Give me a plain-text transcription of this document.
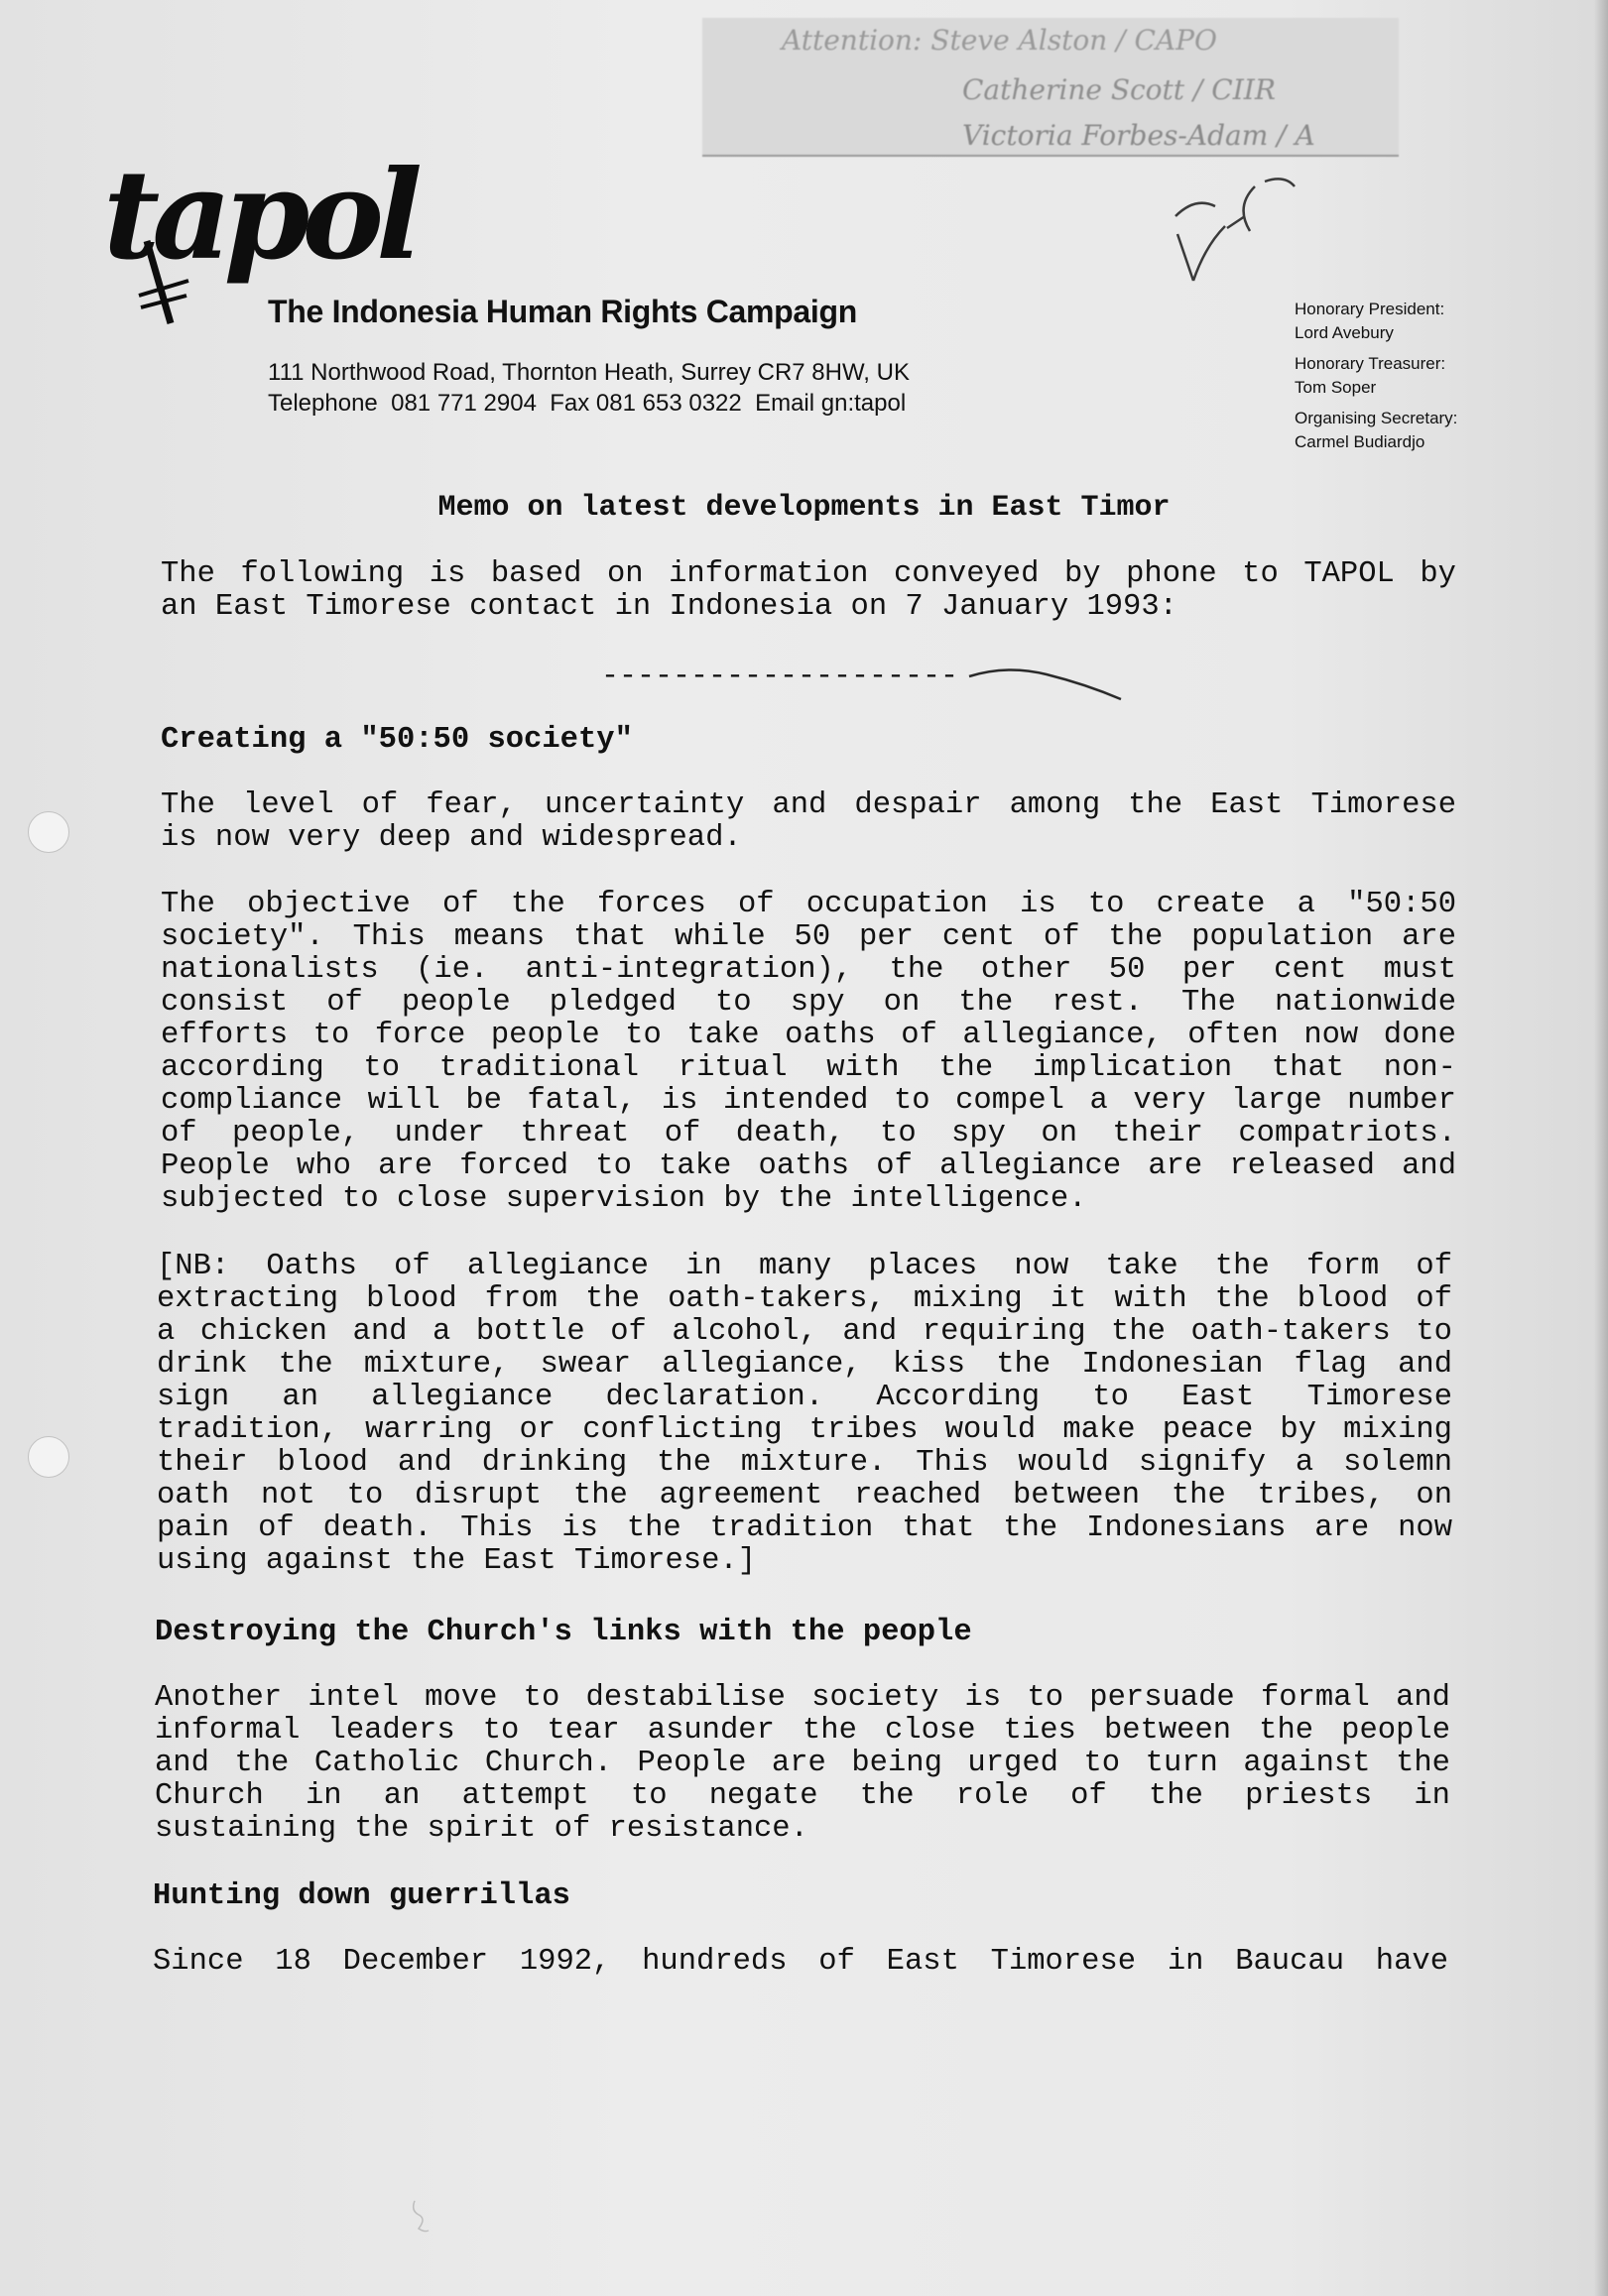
Attention: Steve Alston / CAPO
Catherine Scott / CIIR
Victoria Forbes-Adam / A
tapol
The Indonesia Human Rights Campaign
111 Northwood Road, Thornton Heath, Surrey CR7 8HW, UK
Telephone  081 771 2904  Fax 081 653 0322  Email gn:tapol
Honorary President:
Lord Avebury
Honorary Treasurer:
Tom Soper
Organising Secretary:
Carmel Budiardjo
Memo on latest developments in East Timor
The following is based on information conveyed by phone to TAPOL by
an East Timorese contact in Indonesia on 7 January 1993:
--------------------
Creating a "50:50 society"
The level of fear, uncertainty and despair among the East Timorese
is now very deep and widespread.
The objective of the forces of occupation is to create a "50:50
society". This means that while 50 per cent of the population are
nationalists (ie. anti-integration), the other 50 per cent must
consist of people pledged to spy on the rest. The nationwide
efforts to force people to take oaths of allegiance, often now done
according to traditional ritual with the implication that non-
compliance will be fatal, is intended to compel a very large number
of people, under threat of death, to spy on their compatriots.
People who are forced to take oaths of allegiance are released and
subjected to close supervision by the intelligence.
[NB: Oaths of allegiance in many places now take the form of
extracting blood from the oath-takers, mixing it with the blood of
a chicken and a bottle of alcohol, and requiring the oath-takers to
drink the mixture, swear allegiance, kiss the Indonesian flag and
sign an allegiance declaration. According to East Timorese
tradition, warring or conflicting tribes would make peace by mixing
their blood and drinking the mixture. This would signify a solemn
oath not to disrupt the agreement reached between the tribes, on
pain of death. This is the tradition that the Indonesians are now
using against the East Timorese.]
Destroying the Church's links with the people
Another intel move to destabilise society is to persuade formal and
informal leaders to tear asunder the close ties between the people
and the Catholic Church. People are being urged to turn against the
Church in an attempt to negate the role of the priests in
sustaining the spirit of resistance.
Hunting down guerrillas
Since 18 December 1992, hundreds of East Timorese in Baucau have
